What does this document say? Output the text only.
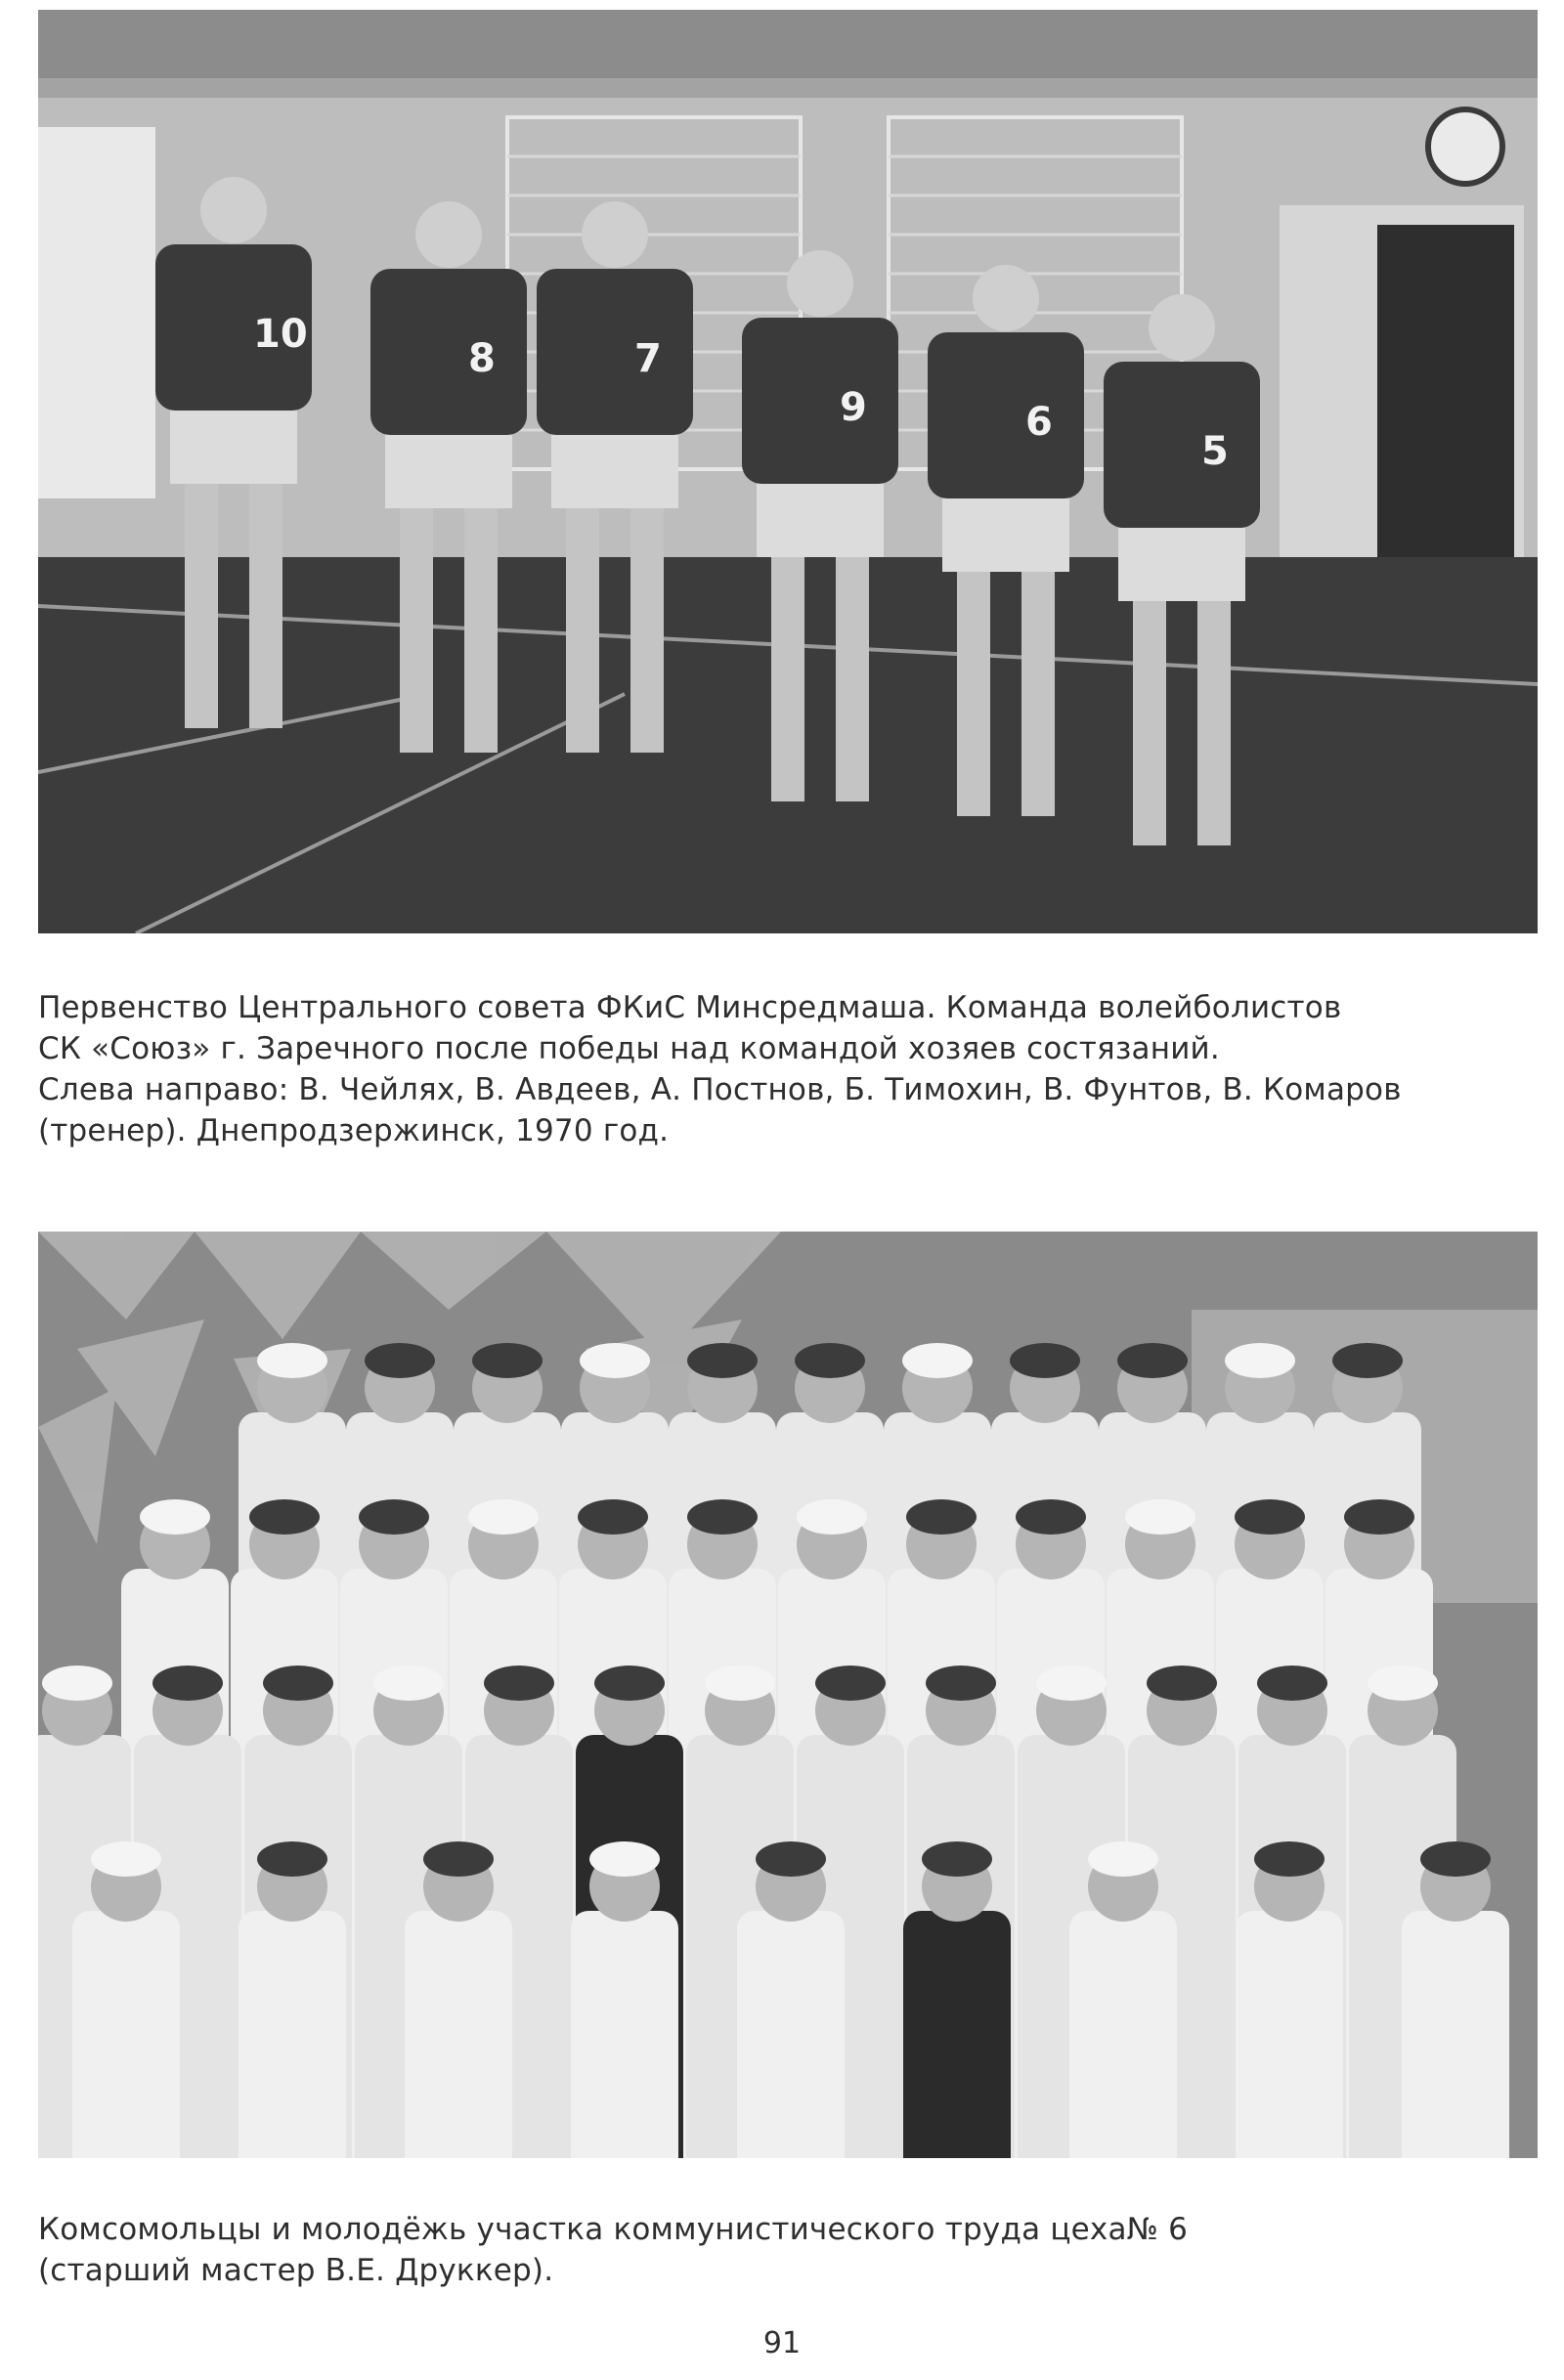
10
8	7
9	6
5

Первенство Центрального совета ФКиС Минсредмаша. Команда волейболистов

СК «Союз» г. Заречного после победы над командой хозяев состязаний.

Слева направо: В. Чейлях, В. Авдеев, А. Постнов, Б. Тимохин, В. Фунтов, В. Комаров

(тренер). Днепродзержинск, 1970 год.

Комсомольцы и молодёжь участка коммунистического труда цеха№ 6

(старший мастер В.Е. Друккер).

91
